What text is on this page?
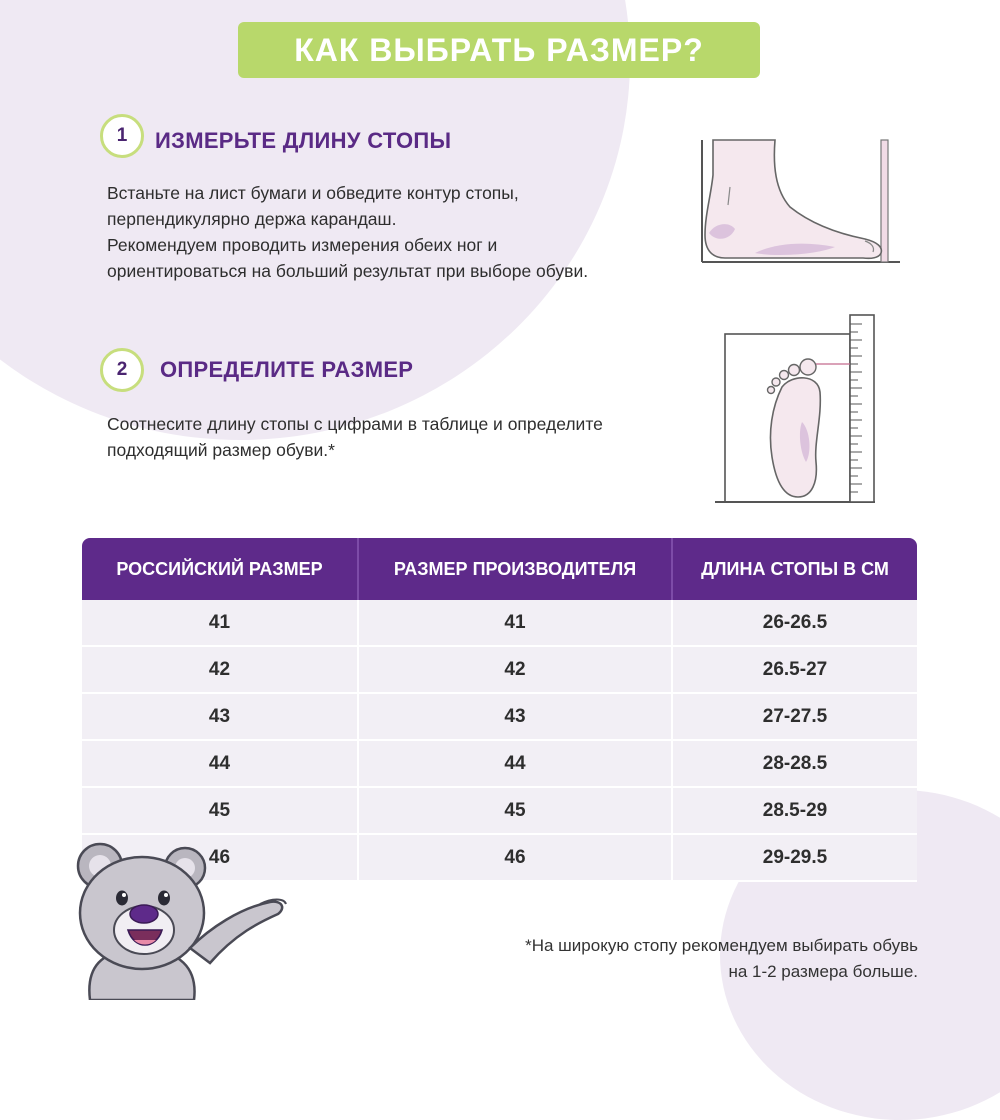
КАК ВЫБРАТЬ РАЗМЕР?
1 ИЗМЕРЬТЕ ДЛИНУ СТОПЫ
Встаньте на лист бумаги и обведите контур стопы,
перпендикулярно держа карандаш.
Рекомендуем проводить измерения обеих ног и
ориентироваться на больший результат при выборе обуви.
2 ОПРЕДЕЛИТЕ РАЗМЕР
Соотнесите длину стопы с цифрами в таблице и определите
подходящий размер обуви.*
РОССИЙСКИЙ РАЗМЕР	РАЗМЕР ПРОИЗВОДИТЕЛЯ	ДЛИНА СТОПЫ В СМ
41	41	26-26.5
42	42	26.5-27
43	43	27-27.5
44	44	28-28.5
45	45	28.5-29
46	46	29-29.5
*На широкую стопу рекомендуем выбирать обувь
на 1-2 размера больше.
